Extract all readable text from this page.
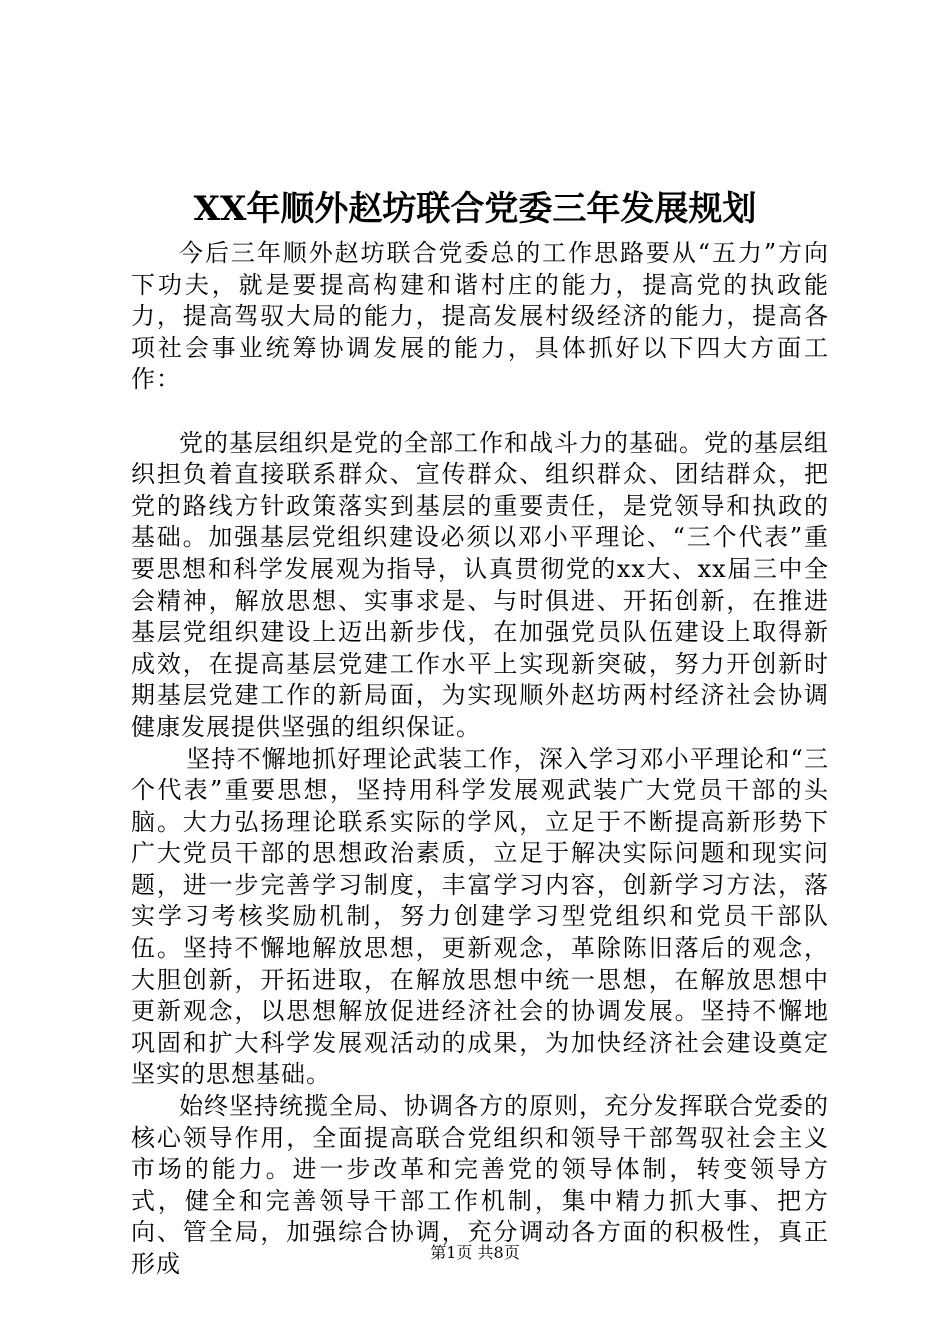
XX年顺外赵坊联合党委三年发展规划

今后三年顺外赵坊联合党委总的工作思路要从“五力”方向下功夫，就是要提高构建和谐村庄的能力，提高党的执政能力，提高驾驭大局的能力，提高发展村级经济的能力，提高各项社会事业统筹协调发展的能力，具体抓好以下四大方面工作：

党的基层组织是党的全部工作和战斗力的基础。党的基层组织担负着直接联系群众、宣传群众、组织群众、团结群众，把党的路线方针政策落实到基层的重要责任，是党领导和执政的基础。加强基层党组织建设必须以邓小平理论、“三个代表”重要思想和科学发展观为指导，认真贯彻党的xx大、xx届三中全会精神，解放思想、实事求是、与时俱进、开拓创新，在推进基层党组织建设上迈出新步伐，在加强党员队伍建设上取得新成效，在提高基层党建工作水平上实现新突破，努力开创新时期基层党建工作的新局面，为实现顺外赵坊两村经济社会协调健康发展提供坚强的组织保证。

坚持不懈地抓好理论武装工作，深入学习邓小平理论和“三个代表”重要思想，坚持用科学发展观武装广大党员干部的头脑。大力弘扬理论联系实际的学风，立足于不断提高新形势下广大党员干部的思想政治素质，立足于解决实际问题和现实问题，进一步完善学习制度，丰富学习内容，创新学习方法，落实学习考核奖励机制，努力创建学习型党组织和党员干部队伍。坚持不懈地解放思想，更新观念，革除陈旧落后的观念，大胆创新，开拓进取，在解放思想中统一思想，在解放思想中更新观念，以思想解放促进经济社会的协调发展。坚持不懈地巩固和扩大科学发展观活动的成果，为加快经济社会建设奠定坚实的思想基础。

始终坚持统揽全局、协调各方的原则，充分发挥联合党委的核心领导作用，全面提高联合党组织和领导干部驾驭社会主义市场的能力。进一步改革和完善党的领导体制，转变领导方式，健全和完善领导干部工作机制，集中精力抓大事、把方向、管全局，加强综合协调，充分调动各方面的积极性，真正形成	第1页 共8页
